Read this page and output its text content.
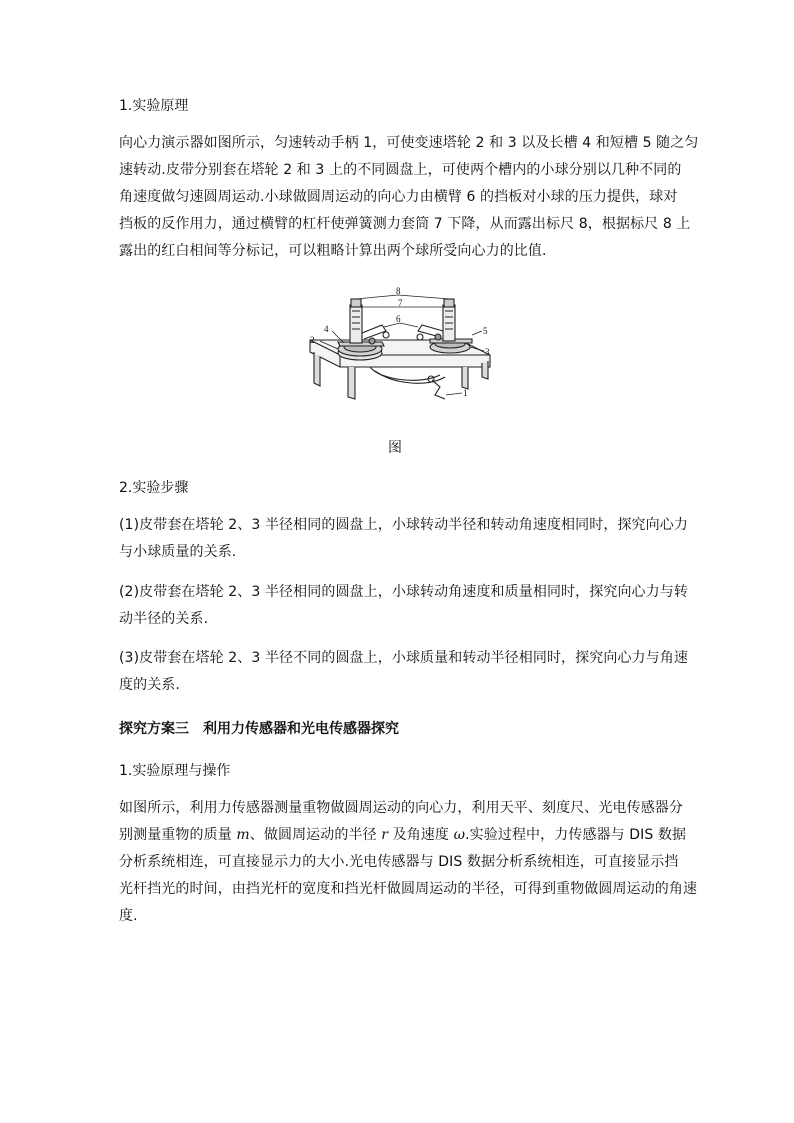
1.实验原理
向心力演示器如图所示，匀速转动手柄 1，可使变速塔轮 2 和 3 以及长槽 4 和短槽 5 随之匀
速转动.皮带分别套在塔轮 2 和 3 上的不同圆盘上，可使两个槽内的小球分别以几种不同的
角速度做匀速圆周运动.小球做圆周运动的向心力由横臂 6 的挡板对小球的压力提供，球对
挡板的反作用力，通过横臂的杠杆使弹簧测力套筒 7 下降，从而露出标尺 8，根据标尺 8 上
露出的红白相间等分标记，可以粗略计算出两个球所受向心力的比值.
8
7
6
4
2
5
3
1
图
2.实验步骤
(1)皮带套在塔轮 2、3 半径相同的圆盘上，小球转动半径和转动角速度相同时，探究向心力
与小球质量的关系.
(2)皮带套在塔轮 2、3 半径相同的圆盘上，小球转动角速度和质量相同时，探究向心力与转
动半径的关系.
(3)皮带套在塔轮 2、3 半径不同的圆盘上，小球质量和转动半径相同时，探究向心力与角速
度的关系.
探究方案三　利用力传感器和光电传感器探究
1.实验原理与操作
如图所示，利用力传感器测量重物做圆周运动的向心力，利用天平、刻度尺、光电传感器分
别测量重物的质量 m、做圆周运动的半径 r 及角速度 ω.实验过程中，力传感器与 DIS 数据
分析系统相连，可直接显示力的大小.光电传感器与 DIS 数据分析系统相连，可直接显示挡
光杆挡光的时间，由挡光杆的宽度和挡光杆做圆周运动的半径，可得到重物做圆周运动的角速
度.
